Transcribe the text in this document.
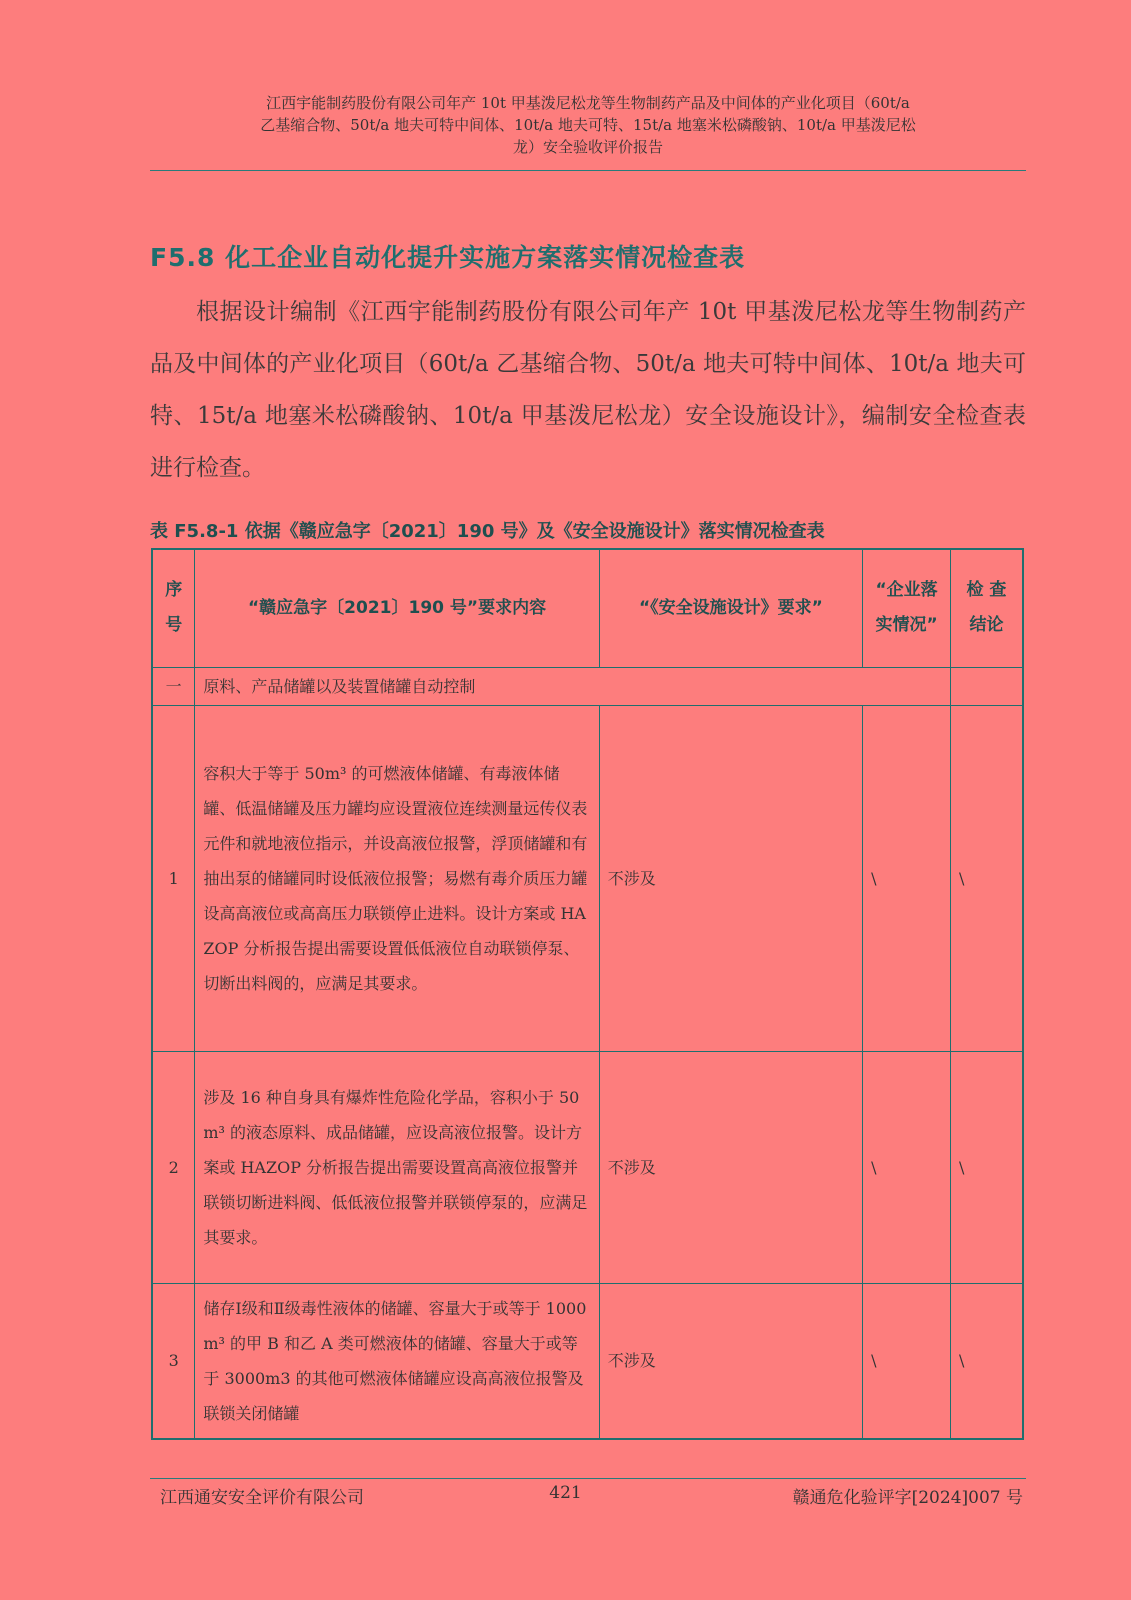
江西宇能制药股份有限公司年产 10t 甲基泼尼松龙等生物制药产品及中间体的产业化项目（60t/a
乙基缩合物、50t/a 地夫可特中间体、10t/a 地夫可特、15t/a 地塞米松磷酸钠、10t/a 甲基泼尼松
龙）安全验收评价报告
F5.8 化工企业自动化提升实施方案落实情况检查表
根据设计编制《江西宇能制药股份有限公司年产 10t 甲基泼尼松龙等生物制药产品及中间体的产业化项目（60t/a 乙基缩合物、50t/a 地夫可特中间体、10t/a 地夫可特、15t/a 地塞米松磷酸钠、10t/a 甲基泼尼松龙）安全设施设计》，编制安全检查表进行检查。
表 F5.8-1 依据《赣应急字〔2021〕190 号》及《安全设施设计》落实情况检查表
序号	“赣应急字〔2021〕190 号”要求内容	“《安全设施设计》要求”	“企业落实情况”	检 查结论
一	原料、产品储罐以及装置储罐自动控制			
1	容积大于等于 50m³ 的可燃液体储罐、有毒液体储罐、低温储罐及压力罐均应设置液位连续测量远传仪表元件和就地液位指示，并设高液位报警，浮顶储罐和有抽出泵的储罐同时设低液位报警；易燃有毒介质压力罐设高高液位或高高压力联锁停止进料。设计方案或 HAZOP 分析报告提出需要设置低低液位自动联锁停泵、切断出料阀的，应满足其要求。	不涉及	\	\
2	涉及 16 种自身具有爆炸性危险化学品，容积小于 50m³ 的液态原料、成品储罐，应设高液位报警。设计方案或 HAZOP 分析报告提出需要设置高高液位报警并联锁切断进料阀、低低液位报警并联锁停泵的，应满足其要求。	不涉及	\	\
3	储存Ⅰ级和Ⅱ级毒性液体的储罐、容量大于或等于 1000m³ 的甲 B 和乙 A 类可燃液体的储罐、容量大于或等于 3000m3 的其他可燃液体储罐应设高高液位报警及联锁关闭储罐	不涉及	\	\
江西通安安全评价有限公司	421	赣通危化验评字[2024]007 号
